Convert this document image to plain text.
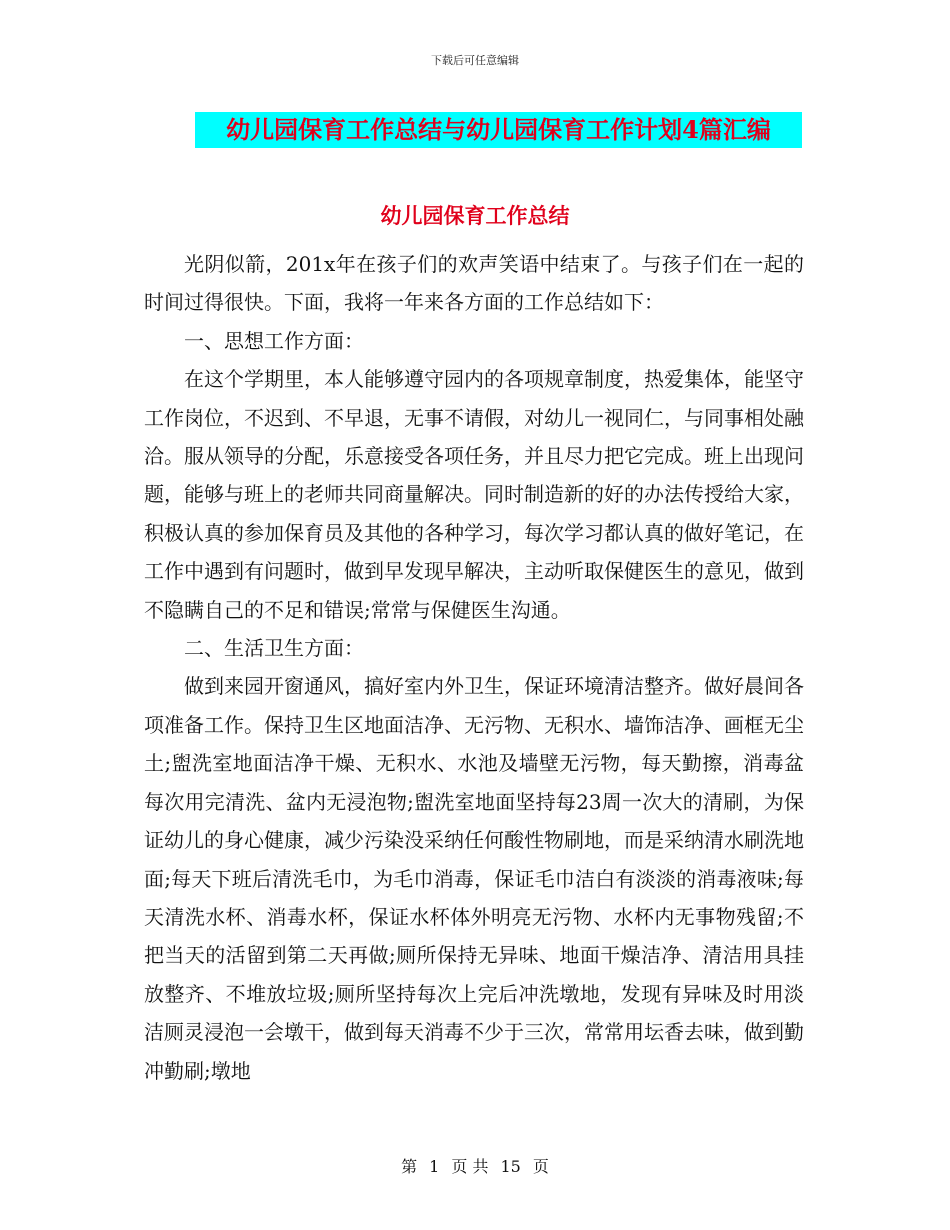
下载后可任意编辑
幼儿园保育工作总结与幼儿园保育工作计划4篇汇编
幼儿园保育工作总结

光阴似箭，201x年在孩子们的欢声笑语中结束了。与孩子们在一起的时间过得很快。下面，我将一年来各方面的工作总结如下：

一、思想工作方面：

在这个学期里，本人能够遵守园内的各项规章制度，热爱集体，能坚守工作岗位，不迟到、不早退，无事不请假，对幼儿一视同仁，与同事相处融洽。服从领导的分配，乐意接受各项任务，并且尽力把它完成。班上出现问题，能够与班上的老师共同商量解决。同时制造新的好的办法传授给大家，积极认真的参加保育员及其他的各种学习，每次学习都认真的做好笔记，在工作中遇到有问题时，做到早发现早解决，主动听取保健医生的意见，做到不隐瞒自己的不足和错误;常常与保健医生沟通。

二、生活卫生方面：

做到来园开窗通风，搞好室内外卫生，保证环境清洁整齐。做好晨间各项准备工作。保持卫生区地面洁净、无污物、无积水、墙饰洁净、画框无尘土;盥洗室地面洁净干燥、无积水、水池及墙壁无污物，每天勤擦，消毒盆每次用完清洗、盆内无浸泡物;盥洗室地面坚持每23周一次大的清刷，为保证幼儿的身心健康，减少污染没采纳任何酸性物刷地，而是采纳清水刷洗地面;每天下班后清洗毛巾，为毛巾消毒，保证毛巾洁白有淡淡的消毒液味;每天清洗水杯、消毒水杯，保证水杯体外明亮无污物、水杯内无事物残留;不把当天的活留到第二天再做;厕所保持无异味、地面干燥洁净、清洁用具挂放整齐、不堆放垃圾;厕所坚持每次上完后冲洗墩地，发现有异味及时用淡洁厕灵浸泡一会墩干，做到每天消毒不少于三次，常常用坛香去味，做到勤冲勤刷;墩地

第 1 页 共 15 页
